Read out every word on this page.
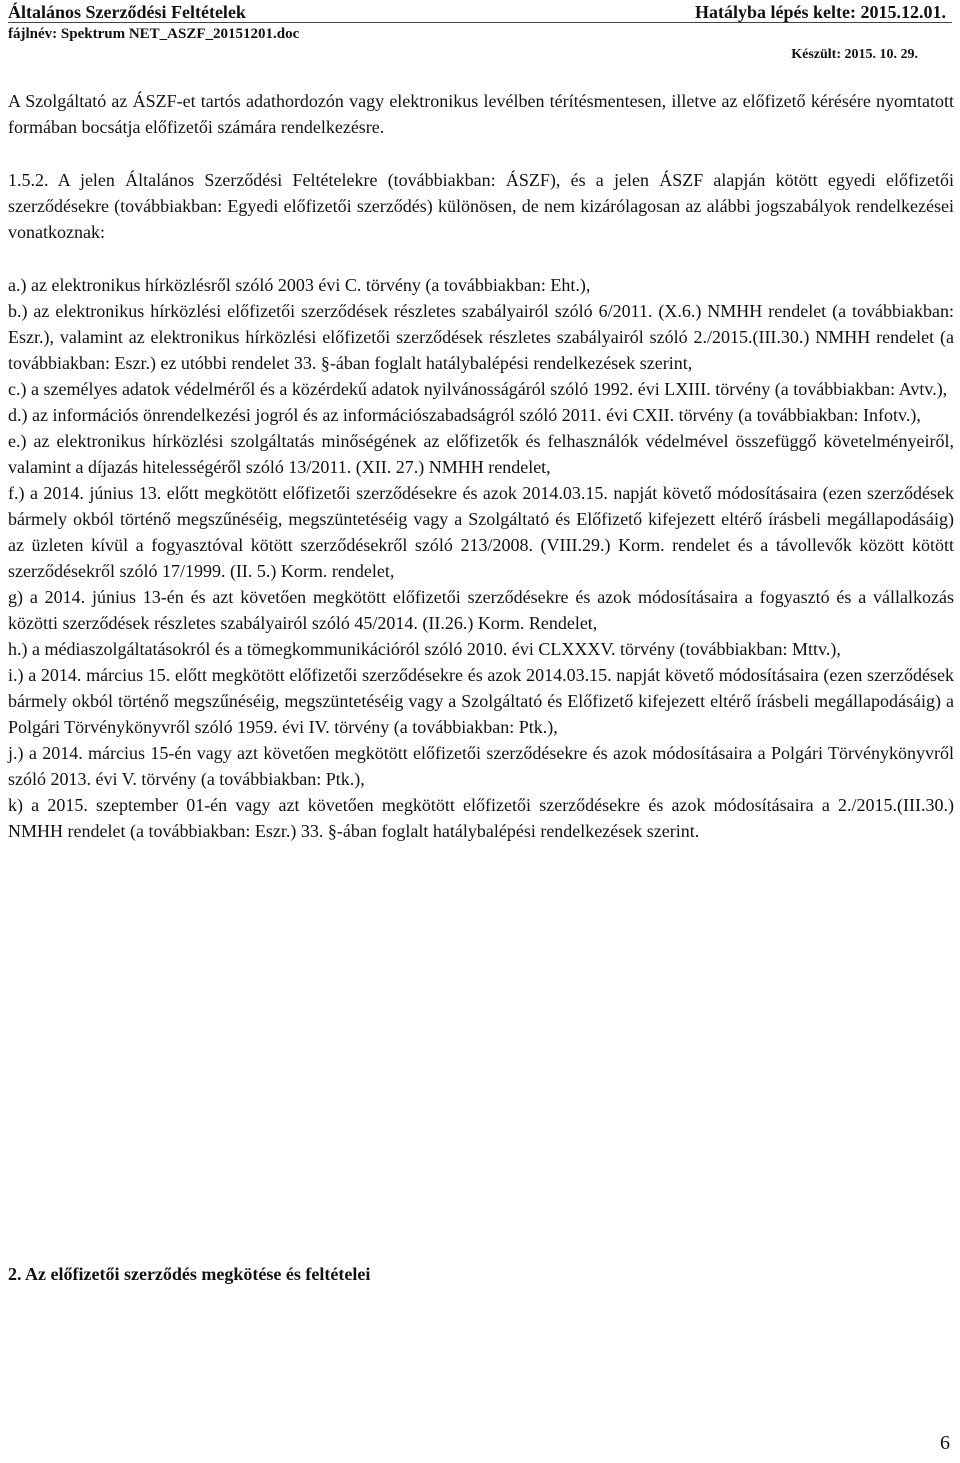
Általános Szerződési Feltételek	Hatályba lépés kelte: 2015.12.01.
fájlnév: Spektrum NET_ASZF_20151201.doc
Készült: 2015. 10. 29.

A Szolgáltató az ÁSZF-et tartós adathordozón vagy elektronikus levélben térítésmentesen, illetve az előfizető kérésére nyomtatott formában bocsátja előfizetői számára rendelkezésre.

1.5.2. A jelen Általános Szerződési Feltételekre (továbbiakban: ÁSZF), és a jelen ÁSZF alapján kötött egyedi előfizetői szerződésekre (továbbiakban: Egyedi előfizetői szerződés) különösen, de nem kizárólagosan az alábbi jogszabályok rendelkezései vonatkoznak:

a.) az elektronikus hírközlésről szóló 2003 évi C. törvény (a továbbiakban: Eht.),

b.) az elektronikus hírközlési előfizetői szerződések részletes szabályairól szóló 6/2011. (X.6.) NMHH rendelet (a továbbiakban: Eszr.), valamint az elektronikus hírközlési előfizetői szerződések részletes szabályairól szóló 2./2015.(III.30.) NMHH rendelet (a továbbiakban: Eszr.) ez utóbbi rendelet 33. §-ában foglalt hatálybalépési rendelkezések szerint,

c.) a személyes adatok védelméről és a közérdekű adatok nyilvánosságáról szóló 1992. évi LXIII. törvény (a továbbiakban: Avtv.),

d.) az információs önrendelkezési jogról és az információszabadságról szóló 2011. évi CXII. törvény (a továbbiakban: Infotv.),

e.) az elektronikus hírközlési szolgáltatás minőségének az előfizetők és felhasználók védelmével összefüggő követelményeiről, valamint a díjazás hitelességéről szóló 13/2011. (XII. 27.) NMHH rendelet,

f.) a 2014. június 13. előtt megkötött előfizetői szerződésekre és azok 2014.03.15. napját követő módosításaira (ezen szerződések bármely okból történő megszűnéséig, megszüntetéséig vagy a Szolgáltató és Előfizető kifejezett eltérő írásbeli megállapodásáig) az üzleten kívül a fogyasztóval kötött szerződésekről szóló 213/2008. (VIII.29.) Korm. rendelet és a távollevők között kötött szerződésekről szóló 17/1999. (II. 5.) Korm. rendelet,

g) a 2014. június 13-én és azt követően megkötött előfizetői szerződésekre és azok módosításaira a fogyasztó és a vállalkozás közötti szerződések részletes szabályairól szóló 45/2014. (II.26.) Korm. Rendelet,

h.) a médiaszolgáltatásokról és a tömegkommunikációról szóló 2010. évi CLXXXV. törvény (továbbiakban: Mttv.),

i.) a 2014. március 15. előtt megkötött előfizetői szerződésekre és azok 2014.03.15. napját követő módosításaira (ezen szerződések bármely okból történő megszűnéséig, megszüntetéséig vagy a Szolgáltató és Előfizető kifejezett eltérő írásbeli megállapodásáig) a Polgári Törvénykönyvről szóló 1959. évi IV. törvény (a továbbiakban: Ptk.),

j.) a 2014. március 15-én vagy azt követően megkötött előfizetői szerződésekre és azok módosításaira a Polgári Törvénykönyvről szóló 2013. évi V. törvény (a továbbiakban: Ptk.),

k) a 2015. szeptember 01-én vagy azt követően megkötött előfizetői szerződésekre és azok módosításaira a 2./2015.(III.30.) NMHH rendelet (a továbbiakban: Eszr.) 33. §-ában foglalt hatálybalépési rendelkezések szerint.

2. Az előfizetői szerződés megkötése és feltételei
6
